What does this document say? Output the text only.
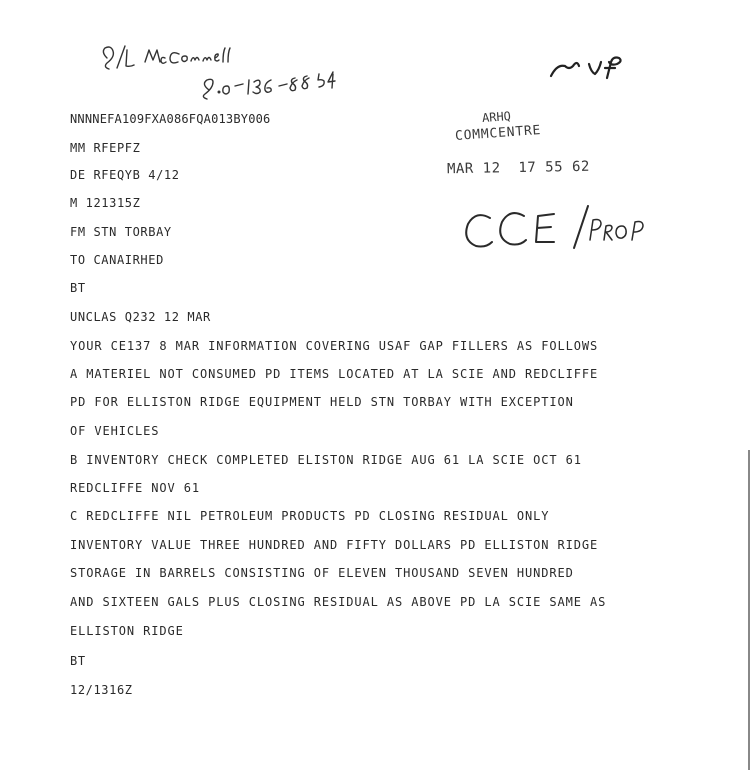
ARHQ
COMMCENTRE
MAR 12  17 55 62
NNNNEFA109FXA086FQA013BY006
MM RFEPFZ
DE RFEQYB 4/12
M 121315Z
FM STN TORBAY
TO CANAIRHED
BT
UNCLAS Q232 12 MAR
YOUR CE137 8 MAR INFORMATION COVERING USAF GAP FILLERS AS FOLLOWS
A MATERIEL NOT CONSUMED PD ITEMS LOCATED AT LA SCIE AND REDCLIFFE
PD FOR ELLISTON RIDGE EQUIPMENT HELD STN TORBAY WITH EXCEPTION
OF VEHICLES
B INVENTORY CHECK COMPLETED ELISTON RIDGE AUG 61 LA SCIE OCT 61
REDCLIFFE NOV 61
C REDCLIFFE NIL PETROLEUM PRODUCTS PD CLOSING RESIDUAL ONLY
INVENTORY VALUE THREE HUNDRED AND FIFTY DOLLARS PD ELLISTON RIDGE
STORAGE IN BARRELS CONSISTING OF ELEVEN THOUSAND SEVEN HUNDRED
AND SIXTEEN GALS PLUS CLOSING RESIDUAL AS ABOVE PD LA SCIE SAME AS
ELLISTON RIDGE
BT
12/1316Z
